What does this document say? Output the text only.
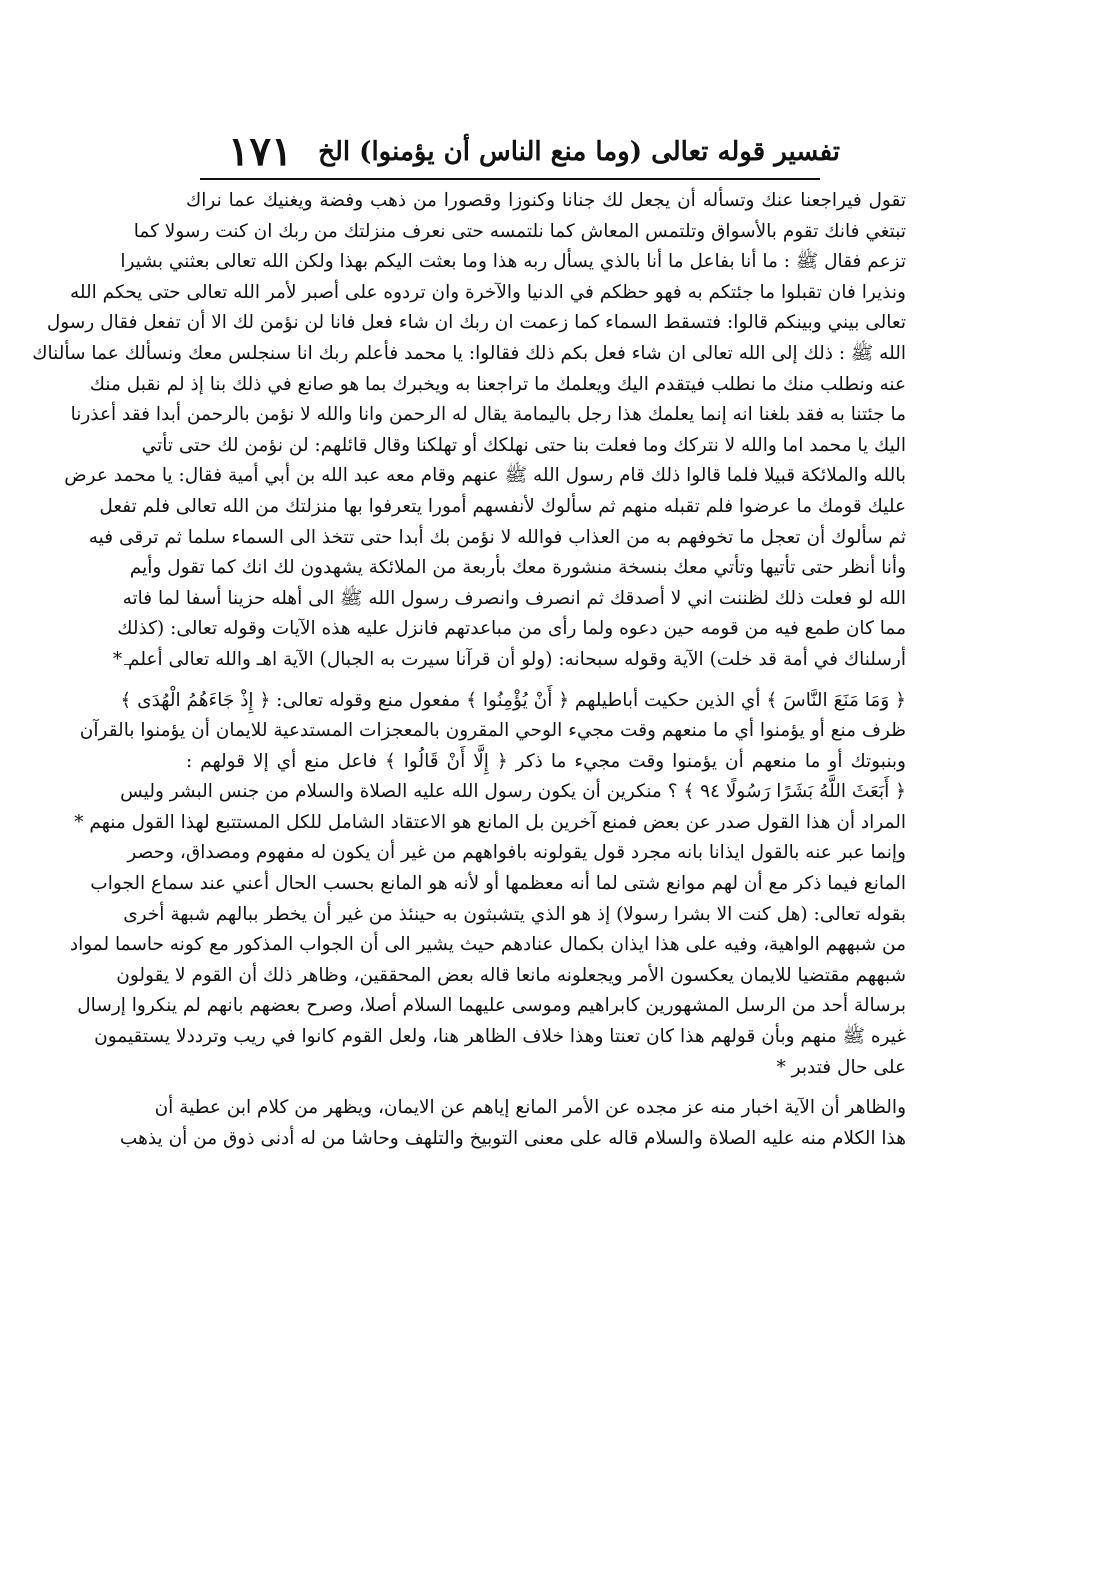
١٧١ تفسير قوله تعالى (وما منع الناس أن يؤمنوا) الخ
تقول فيراجعنا عنك وتسأله أن يجعل لك جنانا وكنوزا وقصورا من ذهب وفضة ويغنيك عما نراك
تبتغي فانك تقوم بالأسواق وتلتمس المعاش كما نلتمسه حتى نعرف منزلتك من ربك ان كنت رسولا كما
تزعم فقال ﷺ : ما أنا بفاعل ما أنا بالذي يسأل ربه هذا وما بعثت اليكم بهذا ولكن الله تعالى بعثني بشيرا
ونذيرا فان تقبلوا ما جئتكم به فهو حظكم في الدنيا والآخرة وان تردوه على أصبر لأمر الله تعالى حتى يحكم الله
تعالى بيني وبينكم قالوا: فتسقط السماء كما زعمت ان ربك ان شاء فعل فانا لن نؤمن لك الا أن تفعل فقال رسول
الله ﷺ : ذلك إلى الله تعالى ان شاء فعل بكم ذلك فقالوا: يا محمد فأعلم ربك انا سنجلس معك ونسألك عما سألناك
عنه ونطلب منك ما نطلب فيتقدم اليك ويعلمك ما تراجعنا به ويخبرك بما هو صانع في ذلك بنا إذ لم نقبل منك
ما جئتنا به فقد بلغنا انه إنما يعلمك هذا رجل باليمامة يقال له الرحمن وانا والله لا نؤمن بالرحمن أبدا فقد أعذرنا
اليك يا محمد اما والله لا نتركك وما فعلت بنا حتى نهلكك أو تهلكنا وقال قائلهم: لن نؤمن لك حتى تأتي
بالله والملائكة قبيلا فلما قالوا ذلك قام رسول الله ﷺ عنهم وقام معه عبد الله بن أبي أمية فقال: يا محمد عرض
عليك قومك ما عرضوا فلم تقبله منهم ثم سألوك لأنفسهم أمورا يتعرفوا بها منزلتك من الله تعالى فلم تفعل
ثم سألوك أن تعجل ما تخوفهم به من العذاب فوالله لا نؤمن بك أبدا حتى تتخذ الى السماء سلما ثم ترقى فيه
وأنا أنظر حتى تأتيها وتأتي معك بنسخة منشورة معك بأربعة من الملائكة يشهدون لك انك كما تقول وأيم
الله لو فعلت ذلك لظننت اني لا أصدقك ثم انصرف وانصرف رسول الله ﷺ الى أهله حزينا أسفا لما فاته
مما كان طمع فيه من قومه حين دعوه ولما رأى من مباعدتهم فانزل عليه هذه الآيات وقوله تعالى: (كذلك
أرسلناك في أمة قد خلت) الآية وقوله سبحانه: (ولو أن قرآنا سيرت به الجبال) الآية اهـ والله تعالى أعلم *
﴿ وَمَا مَنَعَ النَّاسَ ﴾ أي الذين حكيت أباطيلهم ﴿ أَنْ يُؤْمِنُوا ﴾ مفعول منع وقوله تعالى: ﴿ إِذْ جَاءَهُمُ الْهُدَى ﴾
ظرف منع أو يؤمنوا أي ما منعهم وقت مجيء الوحي المقرون بالمعجزات المستدعية للايمان أن يؤمنوا بالقرآن
وبنبوتك أو ما منعهم أن يؤمنوا وقت مجيء ما ذكر ﴿ إِلَّا أَنْ قَالُوا ﴾ فاعل منع أي إلا قولهم :
﴿ أَبَعَثَ اللَّهُ بَشَرًا رَسُولًا ٩٤ ﴾ ؟ منكرين أن يكون رسول الله عليه الصلاة والسلام من جنس البشر وليس
المراد أن هذا القول صدر عن بعض فمنع آخرين بل المانع هو الاعتقاد الشامل للكل المستتبع لهذا القول منهم *
وإنما عبر عنه بالقول ايذانا بانه مجرد قول يقولونه بافواههم من غير أن يكون له مفهوم ومصداق، وحصر
المانع فيما ذكر مع أن لهم موانع شتى لما أنه معظمها أو لأنه هو المانع بحسب الحال أعني عند سماع الجواب
بقوله تعالى: (هل كنت الا بشرا رسولا) إذ هو الذي يتشبثون به حينئذ من غير أن يخطر ببالهم شبهة أخرى
من شبههم الواهية، وفيه على هذا ايذان بكمال عنادهم حيث يشير الى أن الجواب المذكور مع كونه حاسما لمواد
شبههم مقتضيا للايمان يعكسون الأمر ويجعلونه مانعا قاله بعض المحققين، وظاهر ذلك أن القوم لا يقولون
برسالة أحد من الرسل المشهورين كابراهيم وموسى عليهما السلام أصلا، وصرح بعضهم بانهم لم ينكروا إرسال
غيره ﷺ منهم وبأن قولهم هذا كان تعنتا وهذا خلاف الظاهر هنا، ولعل القوم كانوا في ريب وترددلا يستقيمون
على حال فتدبر *
والظاهر أن الآية اخبار منه عز مجده عن الأمر المانع إياهم عن الايمان، ويظهر من كلام ابن عطية أن
هذا الكلام منه عليه الصلاة والسلام قاله على معنى التوبيخ والتلهف وحاشا من له أدنى ذوق من أن يذهب
